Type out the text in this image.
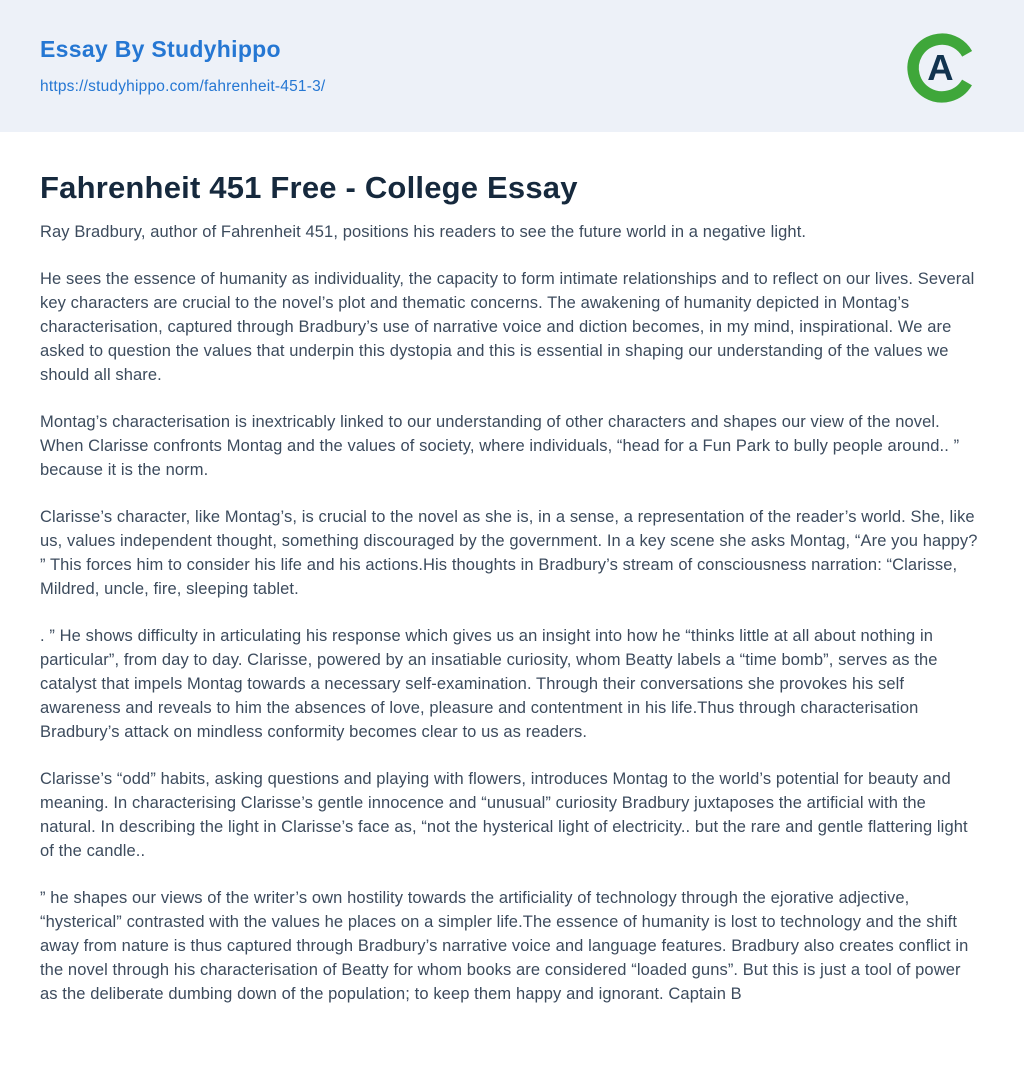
Essay By Studyhippo
https://studyhippo.com/fahrenheit-451-3/	A
Fahrenheit 451 Free - College Essay

Ray Bradbury, author of Fahrenheit 451, positions his readers to see the future world in a negative light.

He sees the essence of humanity as individuality, the capacity to form intimate relationships and to reflect on our lives. Several key characters are crucial to the novel’s plot and thematic concerns. The awakening of humanity depicted in Montag’s characterisation, captured through Bradbury’s use of narrative voice and diction becomes, in my mind, inspirational. We are asked to question the values that underpin this dystopia and this is essential in shaping our understanding of the values we should all share.

Montag’s characterisation is inextricably linked to our understanding of other characters and shapes our view of the novel. When Clarisse confronts Montag and the values of society, where individuals, “head for a Fun Park to bully people around.. ” because it is the norm.

Clarisse’s character, like Montag’s, is crucial to the novel as she is, in a sense, a representation of the reader’s world. She, like us, values independent thought, something discouraged by the government. In a key scene she asks Montag, “Are you happy? ” This forces him to consider his life and his actions.His thoughts in Bradbury’s stream of consciousness narration: “Clarisse, Mildred, uncle, fire, sleeping tablet.

. ” He shows difficulty in articulating his response which gives us an insight into how he “thinks little at all about nothing in particular”, from day to day. Clarisse, powered by an insatiable curiosity, whom Beatty labels a “time bomb”, serves as the catalyst that impels Montag towards a necessary self-examination. Through their conversations she provokes his self awareness and reveals to him the absences of love, pleasure and contentment in his life.Thus through characterisation Bradbury’s attack on mindless conformity becomes clear to us as readers.

Clarisse’s “odd” habits, asking questions and playing with flowers, introduces Montag to the world’s potential for beauty and meaning. In characterising Clarisse’s gentle innocence and “unusual” curiosity Bradbury juxtaposes the artificial with the natural. In describing the light in Clarisse’s face as, “not the hysterical light of electricity.. but the rare and gentle flattering light of the candle..

” he shapes our views of the writer’s own hostility towards the artificiality of technology through the ejorative adjective, “hysterical” contrasted with the values he places on a simpler life.The essence of humanity is lost to technology and the shift away from nature is thus captured through Bradbury’s narrative voice and language features. Bradbury also creates conflict in the novel through his characterisation of Beatty for whom books are considered “loaded guns”. But this is just a tool of power as the deliberate dumbing down of the population; to keep them happy and ignorant. Captain B
